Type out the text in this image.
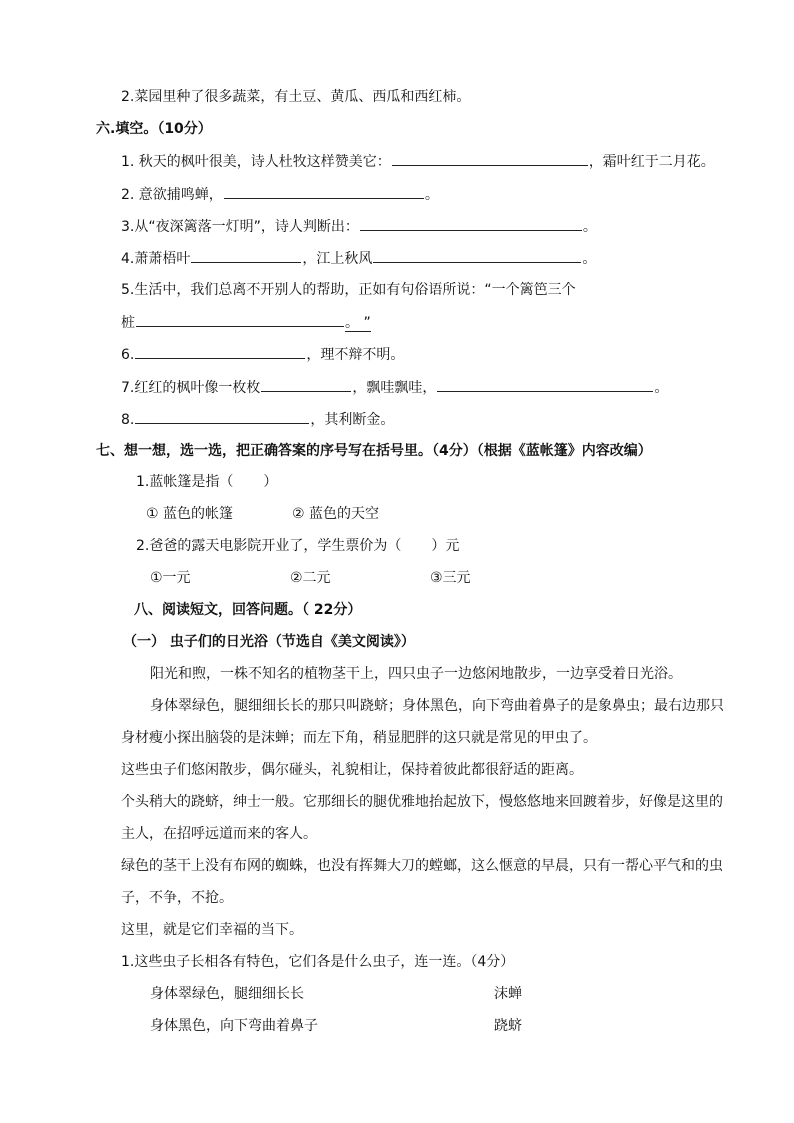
2.菜园里种了很多蔬菜，有土豆、黄瓜、西瓜和西红柿。
六.填空。（10分）
1. 秋天的枫叶很美，诗人杜牧这样赞美它：	，霜叶红于二月花。
2. 意欲捕鸣蝉，	。
3.从“夜深篱落一灯明”，诗人判断出：	。
4.萧萧梧叶	，江上秋风	。
5.生活中，我们总离不开别人的帮助，正如有句俗语所说：“一个篱笆三个
桩	。 ”
6.	，理不辩不明。
7.红红的枫叶像一枚枚	，飘哇飘哇，	。
8.	，其利断金。
七、想一想，选一选，把正确答案的序号写在括号里。（4分）（根据《蓝帐篷》内容改编）
1.蓝帐篷是指（ ）
① 蓝色的帐篷	② 蓝色的天空
2.爸爸的露天电影院开业了，学生票价为（ ）元
①一元	②二元	③三元
八、阅读短文，回答问题。（ 22分）
（一） 虫子们的日光浴（节选自《美文阅读》）
阳光和煦，一株不知名的植物茎干上，四只虫子一边悠闲地散步，一边享受着日光浴。
身体翠绿色，腿细细长长的那只叫跷蛴；身体黑色，向下弯曲着鼻子的是象鼻虫；最右边那只
身材瘦小探出脑袋的是沫蝉；而左下角，稍显肥胖的这只就是常见的甲虫了。
这些虫子们悠闲散步，偶尔碰头，礼貌相让，保持着彼此都很舒适的距离。
个头稍大的跷蛴，绅士一般。它那细长的腿优雅地抬起放下，慢悠悠地来回踱着步，好像是这里的
主人，在招呼远道而来的客人。
绿色的茎干上没有布网的蜘蛛，也没有挥舞大刀的螳螂，这么惬意的早晨，只有一帮心平气和的虫
子，不争，不抢。
这里，就是它们幸福的当下。
1.这些虫子长相各有特色，它们各是什么虫子，连一连。（4分）
身体翠绿色，腿细细长长	沫蝉
身体黑色，向下弯曲着鼻子	跷蛴
